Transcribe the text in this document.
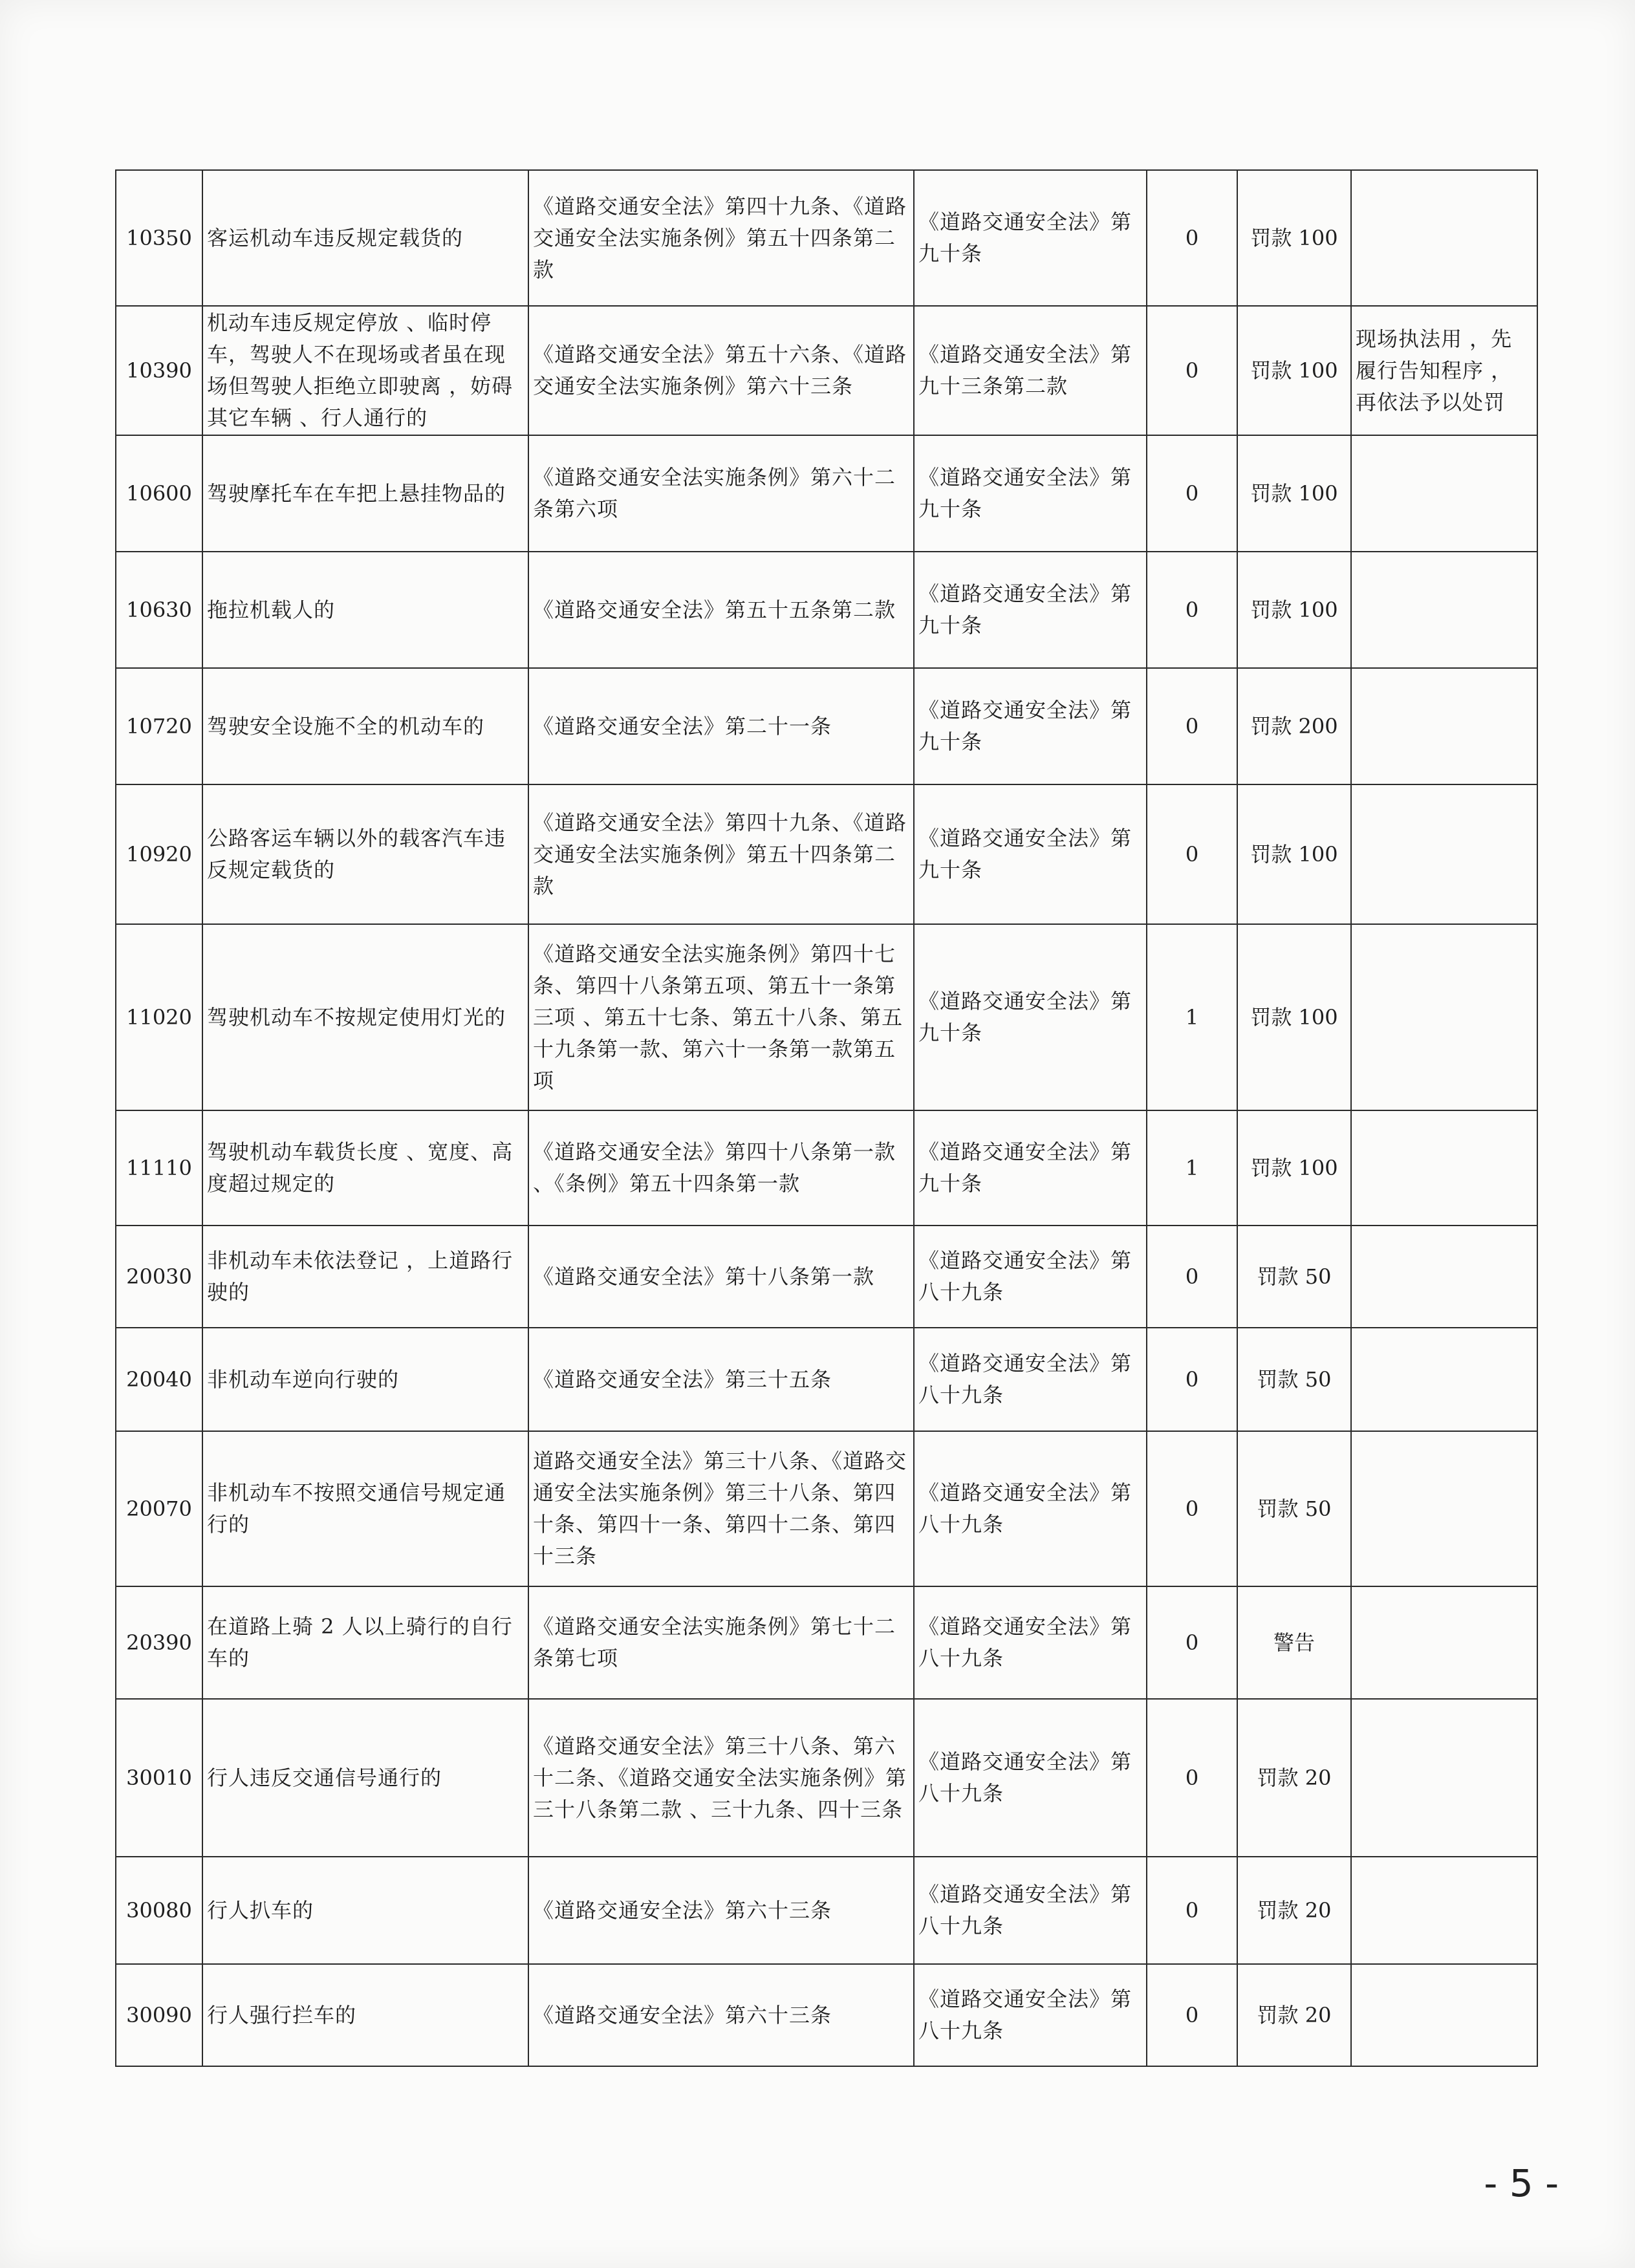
10350	客运机动车违反规定载货的	《道路交通安全法》第四十九条、《道路交通安全法实施条例》第五十四条第二款	《道路交通安全法》第九十条	0	罚款 100	
10390	机动车违反规定停放 、临时停车，驾驶人不在现场或者虽在现场但驾驶人拒绝立即驶离 ，妨碍其它车辆 、行人通行的	《道路交通安全法》第五十六条、《道路交通安全法实施条例》第六十三条	《道路交通安全法》第九十三条第二款	0	罚款 100	现场执法用 ，先履行告知程序 ，再依法予以处罚
10600	驾驶摩托车在车把上悬挂物品的	《道路交通安全法实施条例》第六十二条第六项	《道路交通安全法》第九十条	0	罚款 100	
10630	拖拉机载人的	《道路交通安全法》第五十五条第二款	《道路交通安全法》第九十条	0	罚款 100	
10720	驾驶安全设施不全的机动车的	《道路交通安全法》第二十一条	《道路交通安全法》第九十条	0	罚款 200	
10920	公路客运车辆以外的载客汽车违反规定载货的	《道路交通安全法》第四十九条、《道路交通安全法实施条例》第五十四条第二款	《道路交通安全法》第九十条	0	罚款 100	
11020	驾驶机动车不按规定使用灯光的	《道路交通安全法实施条例》第四十七条、第四十八条第五项、第五十一条第三项 、第五十七条、第五十八条、第五十九条第一款、第六十一条第一款第五项	《道路交通安全法》第九十条	1	罚款 100	
11110	驾驶机动车载货长度 、宽度、高度超过规定的	《道路交通安全法》第四十八条第一款 、《条例》第五十四条第一款	《道路交通安全法》第九十条	1	罚款 100	
20030	非机动车未依法登记 ，上道路行驶的	《道路交通安全法》第十八条第一款	《道路交通安全法》第八十九条	0	罚款 50	
20040	非机动车逆向行驶的	《道路交通安全法》第三十五条	《道路交通安全法》第八十九条	0	罚款 50	
20070	非机动车不按照交通信号规定通行的	道路交通安全法》第三十八条、《道路交通安全法实施条例》第三十八条、第四十条、第四十一条、第四十二条、第四十三条	《道路交通安全法》第八十九条	0	罚款 50	
20390	在道路上骑 2 人以上骑行的自行车的	《道路交通安全法实施条例》第七十二条第七项	《道路交通安全法》第八十九条	0	警告	
30010	行人违反交通信号通行的	《道路交通安全法》第三十八条、第六十二条、《道路交通安全法实施条例》第三十八条第二款 、三十九条、四十三条	《道路交通安全法》第八十九条	0	罚款 20	
30080	行人扒车的	《道路交通安全法》第六十三条	《道路交通安全法》第八十九条	0	罚款 20	
30090	行人强行拦车的	《道路交通安全法》第六十三条	《道路交通安全法》第八十九条	0	罚款 20	
- 5 -
